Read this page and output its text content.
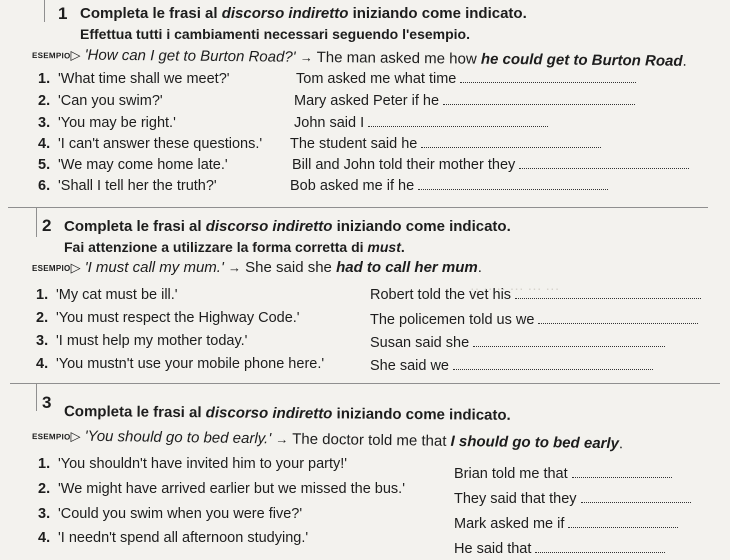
·· ·· ·· ··· ··· ···
1 Completa le frasi al discorso indiretto iniziando come indicato.
Effettua tutti i cambiamenti necessari seguendo l'esempio.
ESEMPIO▷ 'How can I get to Burton Road?' → The man asked me how he could get to Burton Road.
1. 'What time shall we meet?'	Tom asked me what time
2. 'Can you swim?'	Mary asked Peter if he
3. 'You may be right.'	John said I
4. 'I can't answer these questions.' The student said he
5. 'We may come home late.'	Bill and John told their mother they
6. 'Shall I tell her the truth?'	Bob asked me if he
2 Completa le frasi al discorso indiretto iniziando come indicato.
Fai attenzione a utilizzare la forma corretta di must.
ESEMPIO▷ 'I must call my mum.' → She said she had to call her mum.
1. 'My cat must be ill.'	Robert told the vet his
2. 'You must respect the Highway Code.'	The policemen told us we
3. 'I must help my mother today.'	Susan said she
4. 'You mustn't use your mobile phone here.'	She said we
3
Completa le frasi al discorso indiretto iniziando come indicato.
ESEMPIO▷ 'You should go to bed early.' → The doctor told me that I should go to bed early.
1. 'You shouldn't have invited him to your party!'
Brian told me that
2. 'We might have arrived earlier but we missed the bus.'
They said that they
3. 'Could you swim when you were five?'
Mark asked me if
4. 'I needn't spend all afternoon studying.'
He said that
